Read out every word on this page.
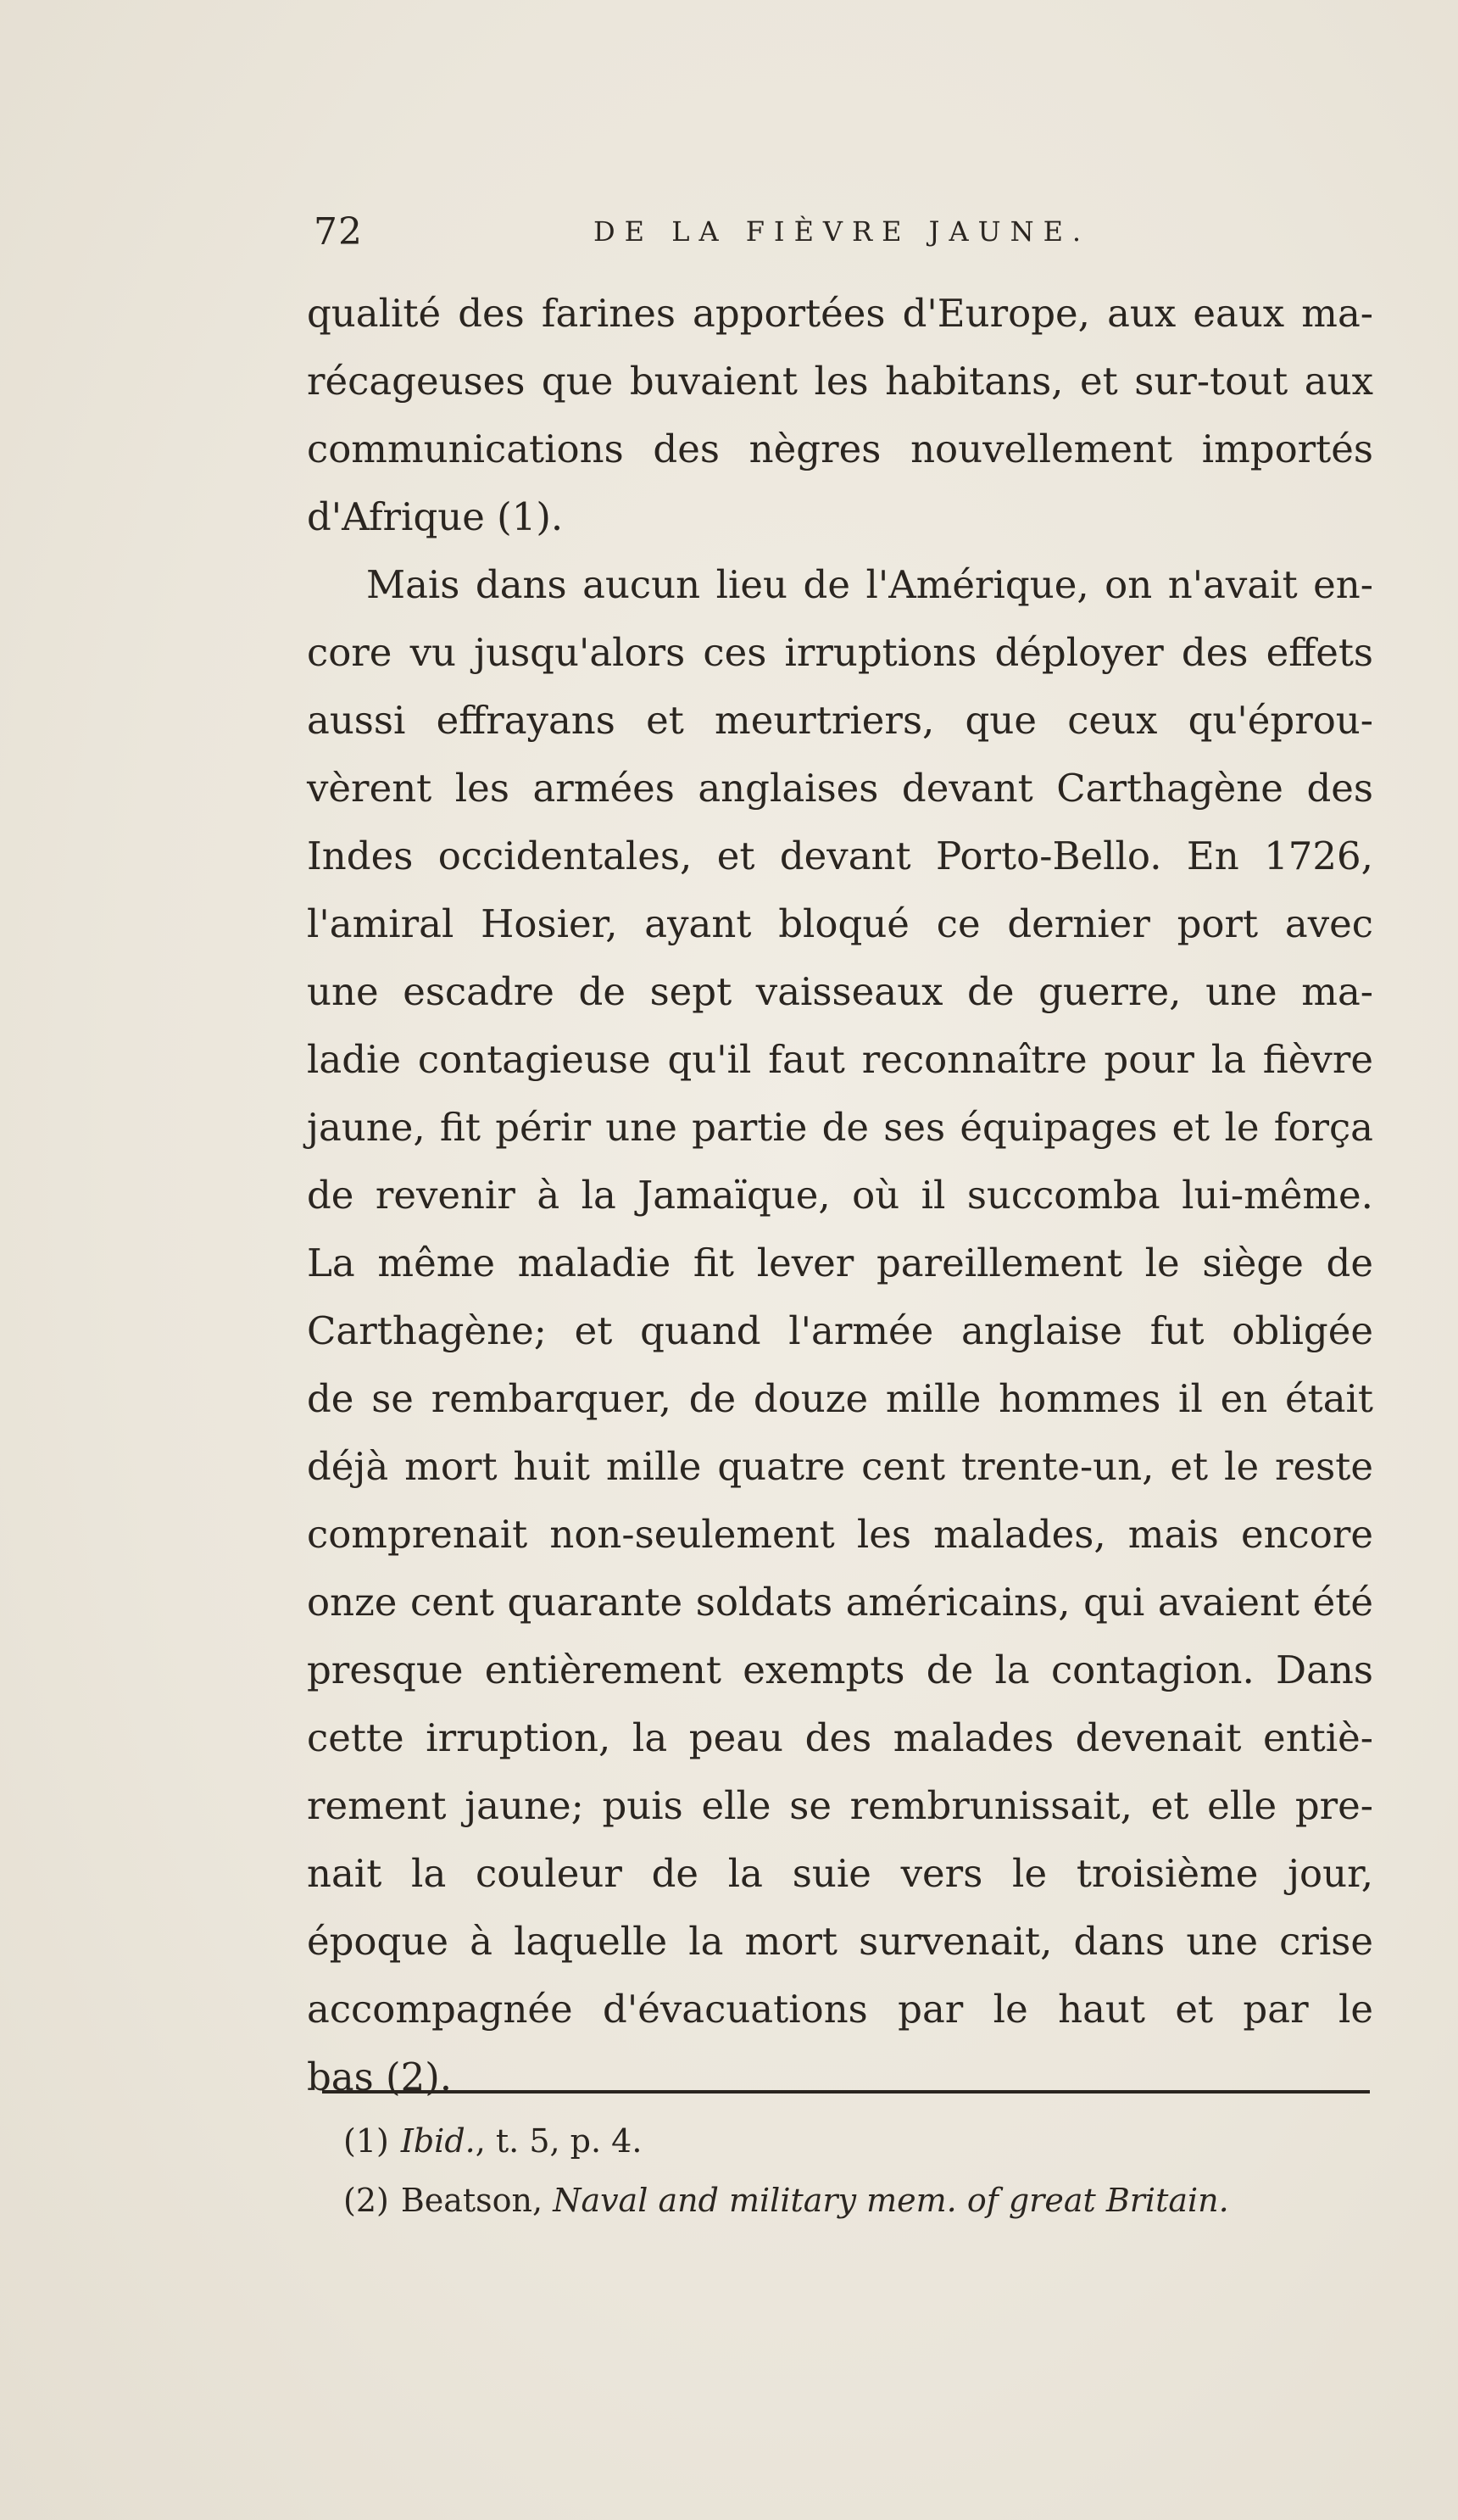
72	DE LA FIÈVRE JAUNE.
qualité des farines apportées d'Europe, aux eaux ma-
récageuses que buvaient les habitans, et sur-tout aux
communications des nègres nouvellement importés
d'Afrique (1).
Mais dans aucun lieu de l'Amérique, on n'avait en-
core vu jusqu'alors ces irruptions déployer des effets
aussi effrayans et meurtriers, que ceux qu'éprou-
vèrent les armées anglaises devant Carthagène des
Indes occidentales, et devant Porto-Bello. En 1726,
l'amiral Hosier, ayant bloqué ce dernier port avec
une escadre de sept vaisseaux de guerre, une ma-
ladie contagieuse qu'il faut reconnaître pour la fièvre
jaune, fit périr une partie de ses équipages et le força
de revenir à la Jamaïque, où il succomba lui-même.
La même maladie fit lever pareillement le siège de
Carthagène; et quand l'armée anglaise fut obligée
de se rembarquer, de douze mille hommes il en était
déjà mort huit mille quatre cent trente-un, et le reste
comprenait non-seulement les malades, mais encore
onze cent quarante soldats américains, qui avaient été
presque entièrement exempts de la contagion. Dans
cette irruption, la peau des malades devenait entiè-
rement jaune; puis elle se rembrunissait, et elle pre-
nait la couleur de la suie vers le troisième jour,
époque à laquelle la mort survenait, dans une crise
accompagnée d'évacuations par le haut et par le
bas (2).
(1) Ibid., t. 5, p. 4.
(2) Beatson, Naval and military mem. of great Britain.
